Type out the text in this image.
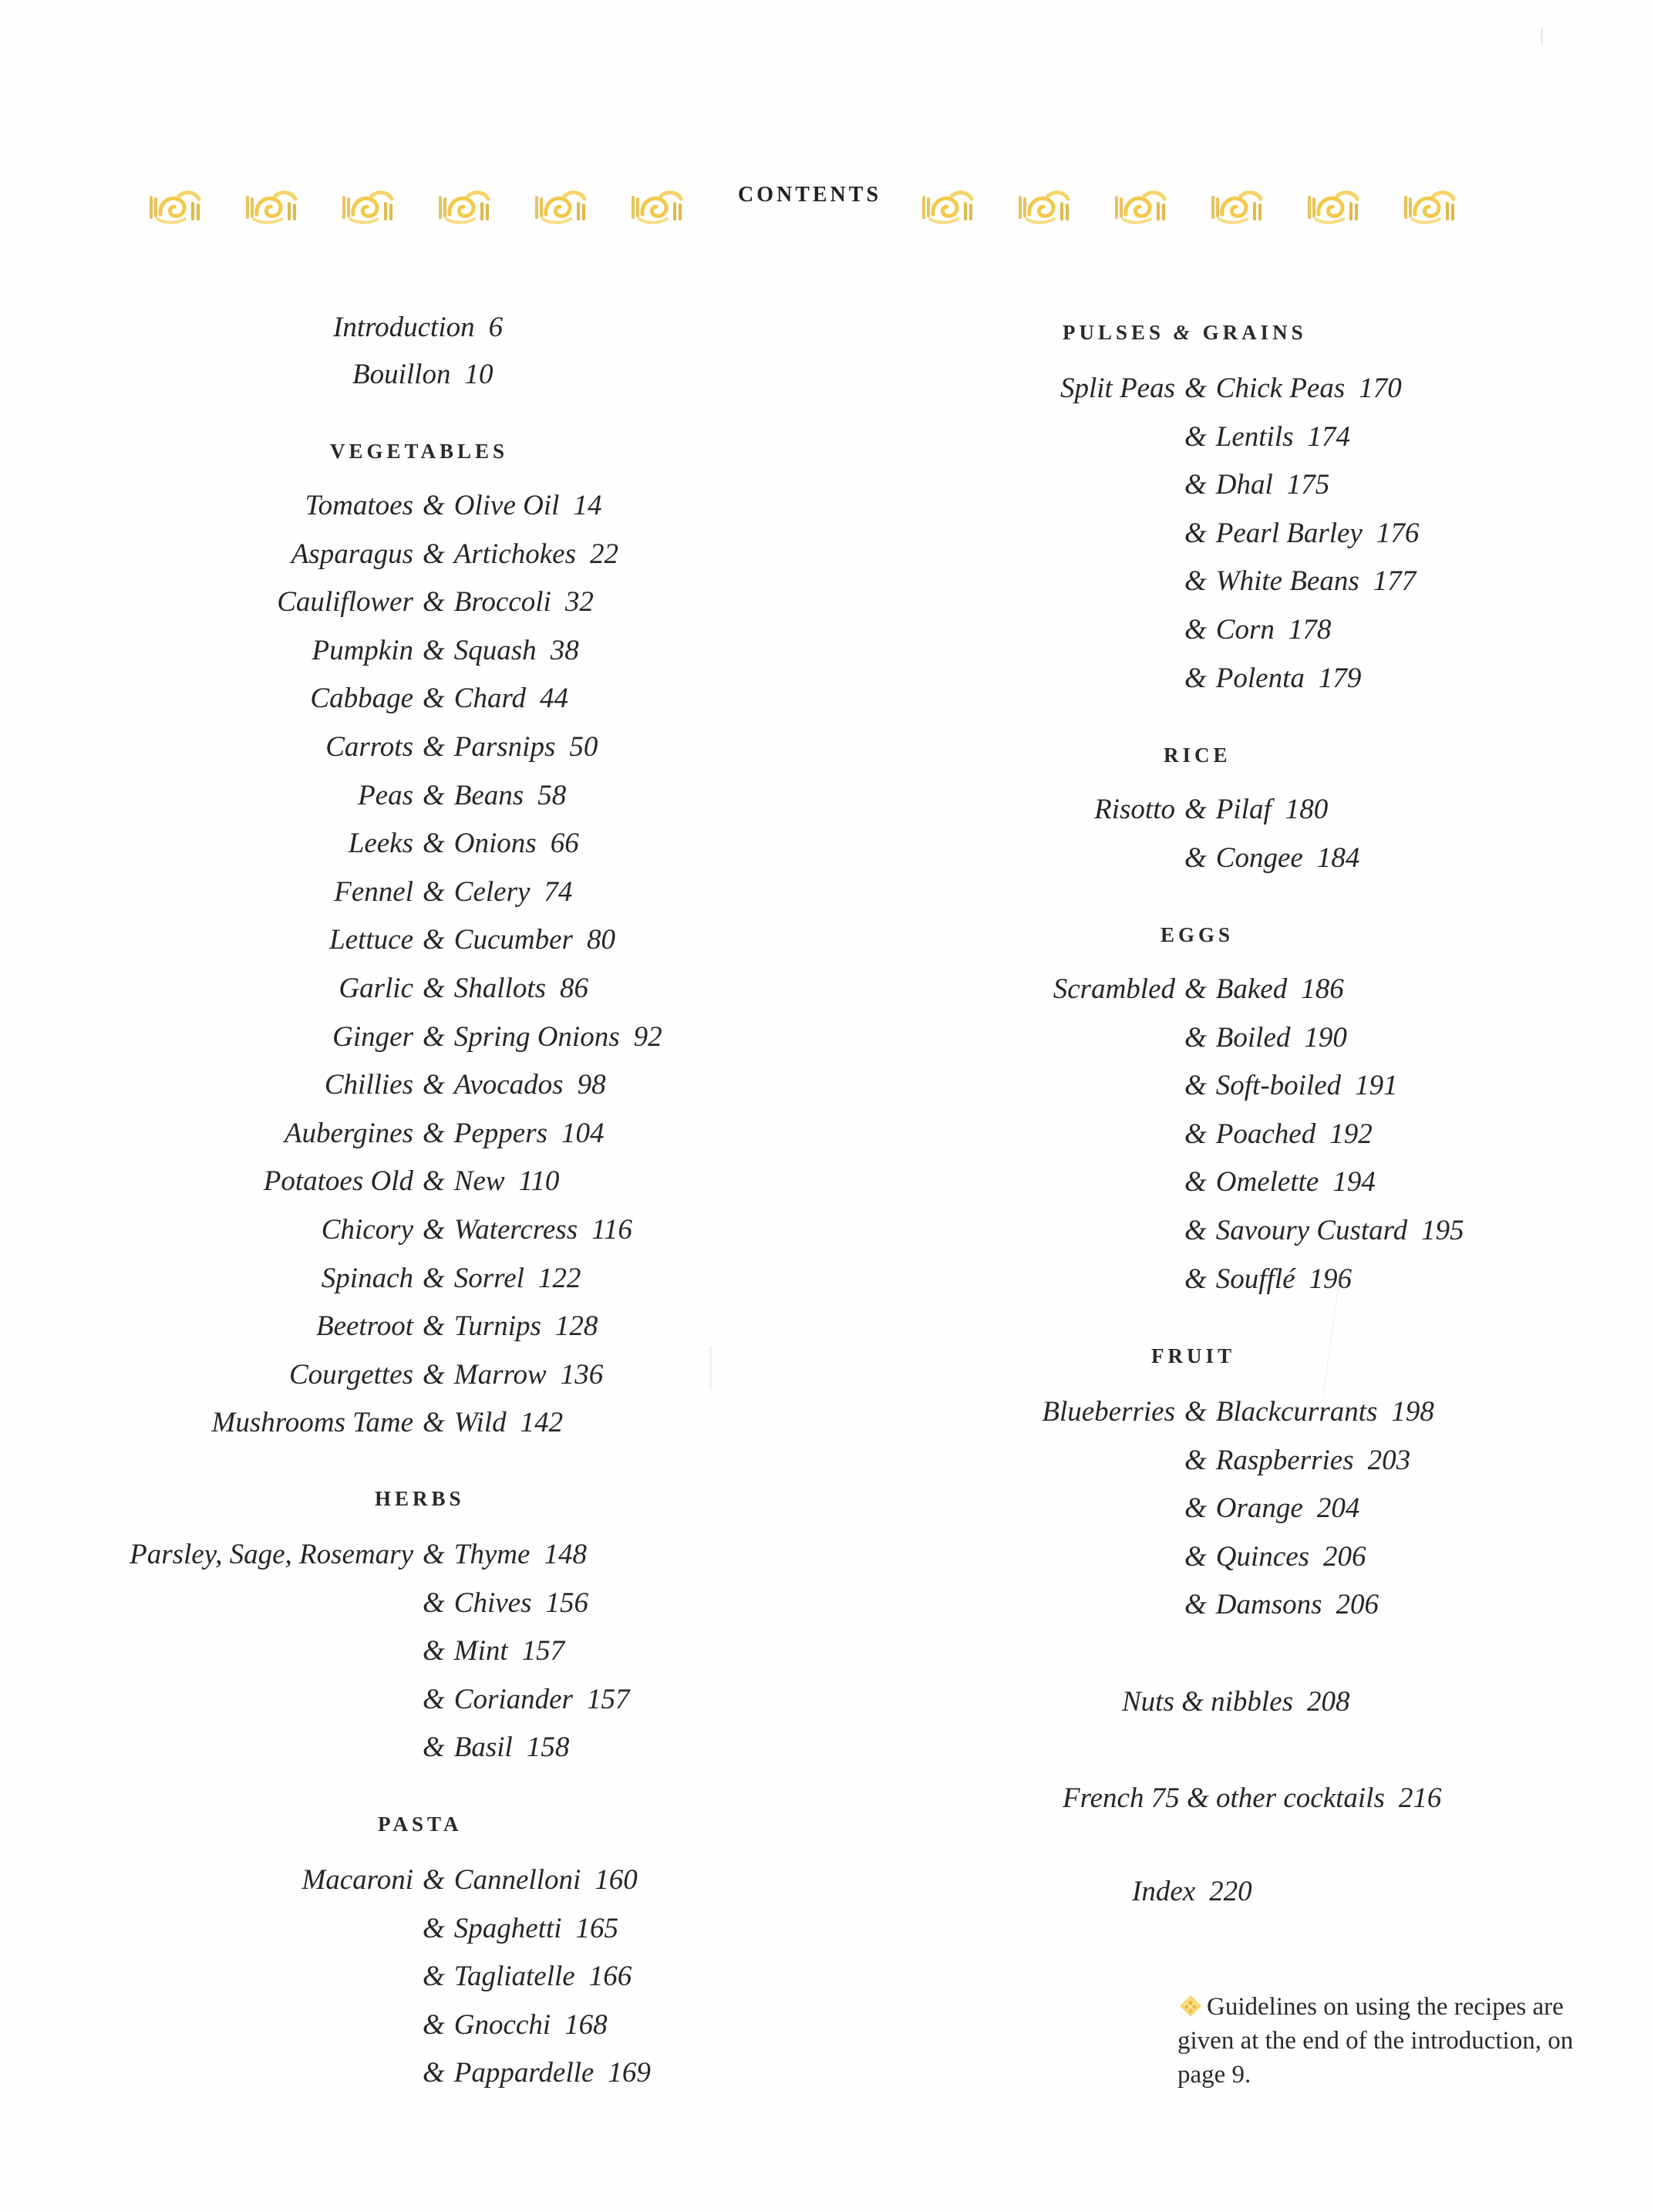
CONTENTS
Introduction 6
Bouillon 10
VEGETABLES
Tomatoes & Olive Oil 14
Asparagus & Artichokes 22
Cauliflower & Broccoli 32
Pumpkin & Squash 38
Cabbage & Chard 44
Carrots & Parsnips 50
Peas & Beans 58
Leeks & Onions 66
Fennel & Celery 74
Lettuce & Cucumber 80
Garlic & Shallots 86
Ginger & Spring Onions 92
Chillies & Avocados 98
Aubergines & Peppers 104
Potatoes Old & New 110
Chicory & Watercress 116
Spinach & Sorrel 122
Beetroot & Turnips 128
Courgettes & Marrow 136
Mushrooms Tame & Wild 142
HERBS
Parsley, Sage, Rosemary & Thyme 148
& Chives 156
& Mint 157
& Coriander 157
& Basil 158
PASTA
Macaroni & Cannelloni 160
& Spaghetti 165
& Tagliatelle 166
& Gnocchi 168
& Pappardelle 169
PULSES & GRAINS
Split Peas & Chick Peas 170
& Lentils 174
& Dhal 175
& Pearl Barley 176
& White Beans 177
& Corn 178
& Polenta 179
RICE
Risotto & Pilaf 180
& Congee 184
EGGS
Scrambled & Baked 186
& Boiled 190
& Soft-boiled 191
& Poached 192
& Omelette 194
& Savoury Custard 195
& Soufflé 196
FRUIT
Blueberries & Blackcurrants 198
& Raspberries 203
& Orange 204
& Quinces 206
& Damsons 206
Nuts & nibbles 208
French 75 & other cocktails 216
Index 220
Guidelines on using the recipes are given at the end of the introduction, on page 9.
